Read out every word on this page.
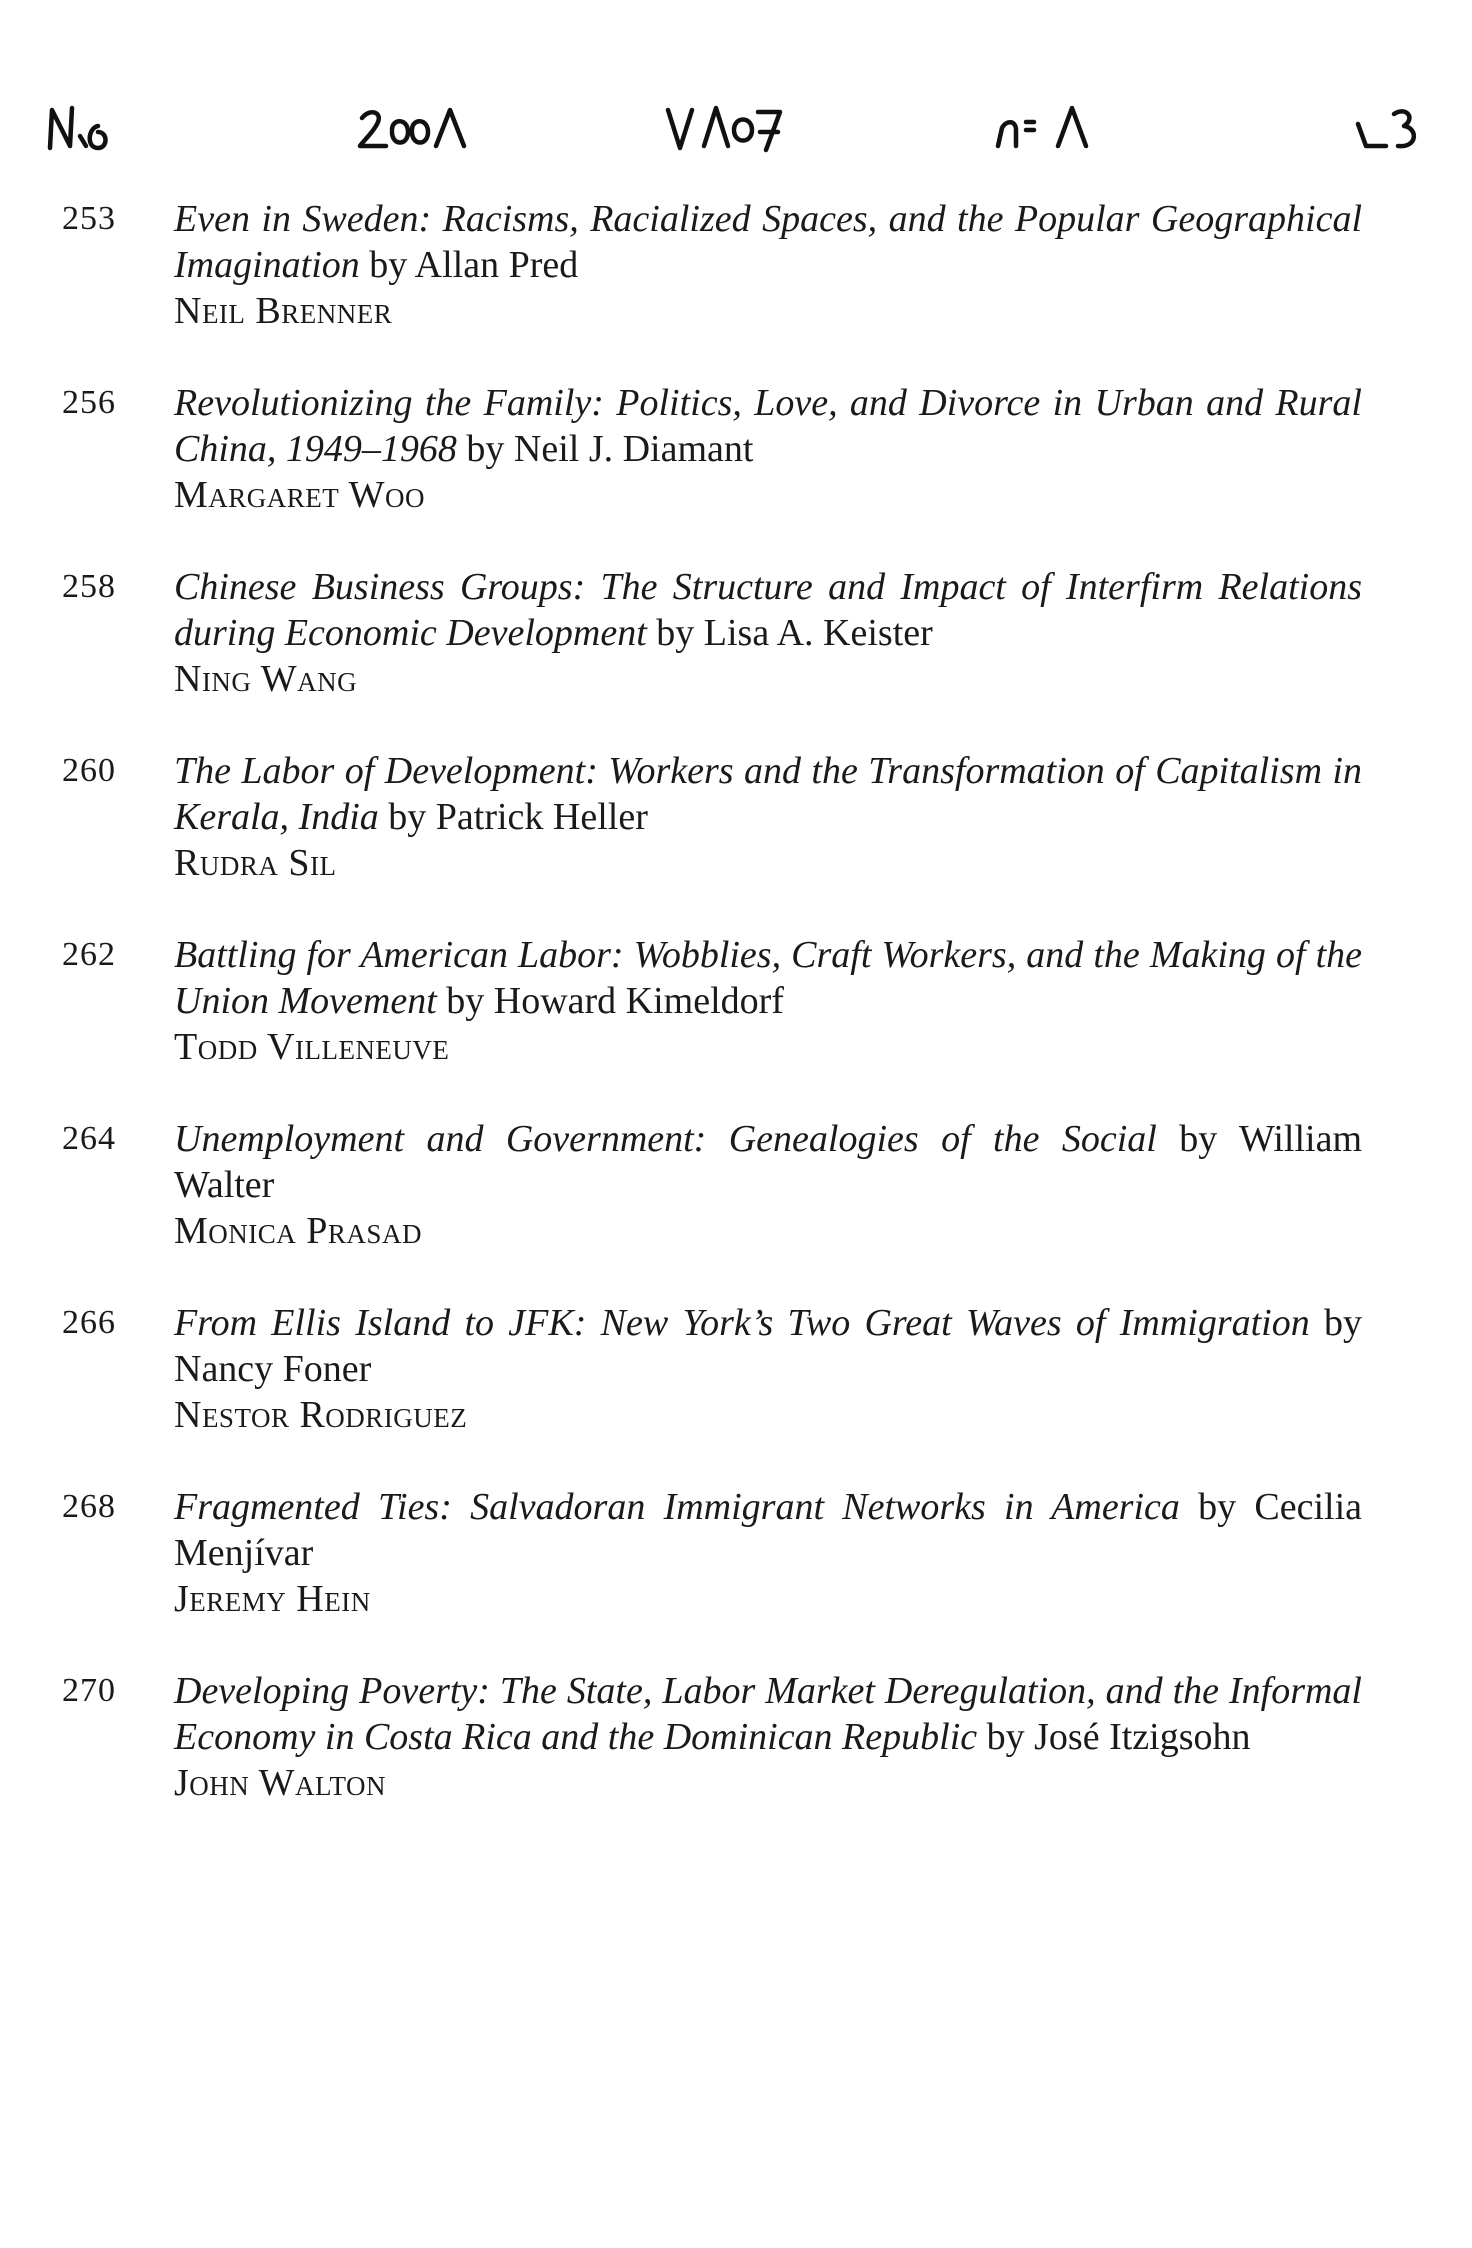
253 Even in Sweden: Racisms, Racialized Spaces, and the Popular Geographical Imagination by Allan Pred
Neil Brenner
256 Revolutionizing the Family: Politics, Love, and Divorce in Urban and Rural China, 1949–1968 by Neil J. Diamant
Margaret Woo
258 Chinese Business Groups: The Structure and Impact of Interfirm Relations during Economic Development by Lisa A. Keister
Ning Wang
260 The Labor of Development: Workers and the Transformation of Capitalism in Kerala, India by Patrick Heller
Rudra Sil
262 Battling for American Labor: Wobblies, Craft Workers, and the Making of the Union Movement by Howard Kimeldorf
Todd Villeneuve
264 Unemployment and Government: Genealogies of the Social by William Walter
Monica Prasad
266 From Ellis Island to JFK: New York’s Two Great Waves of Immigration by Nancy Foner
Nestor Rodriguez
268 Fragmented Ties: Salvadoran Immigrant Networks in America by Cecilia Menjívar
Jeremy Hein
270 Developing Poverty: The State, Labor Market Deregulation, and the Informal Economy in Costa Rica and the Dominican Republic by José Itzigsohn
John Walton
